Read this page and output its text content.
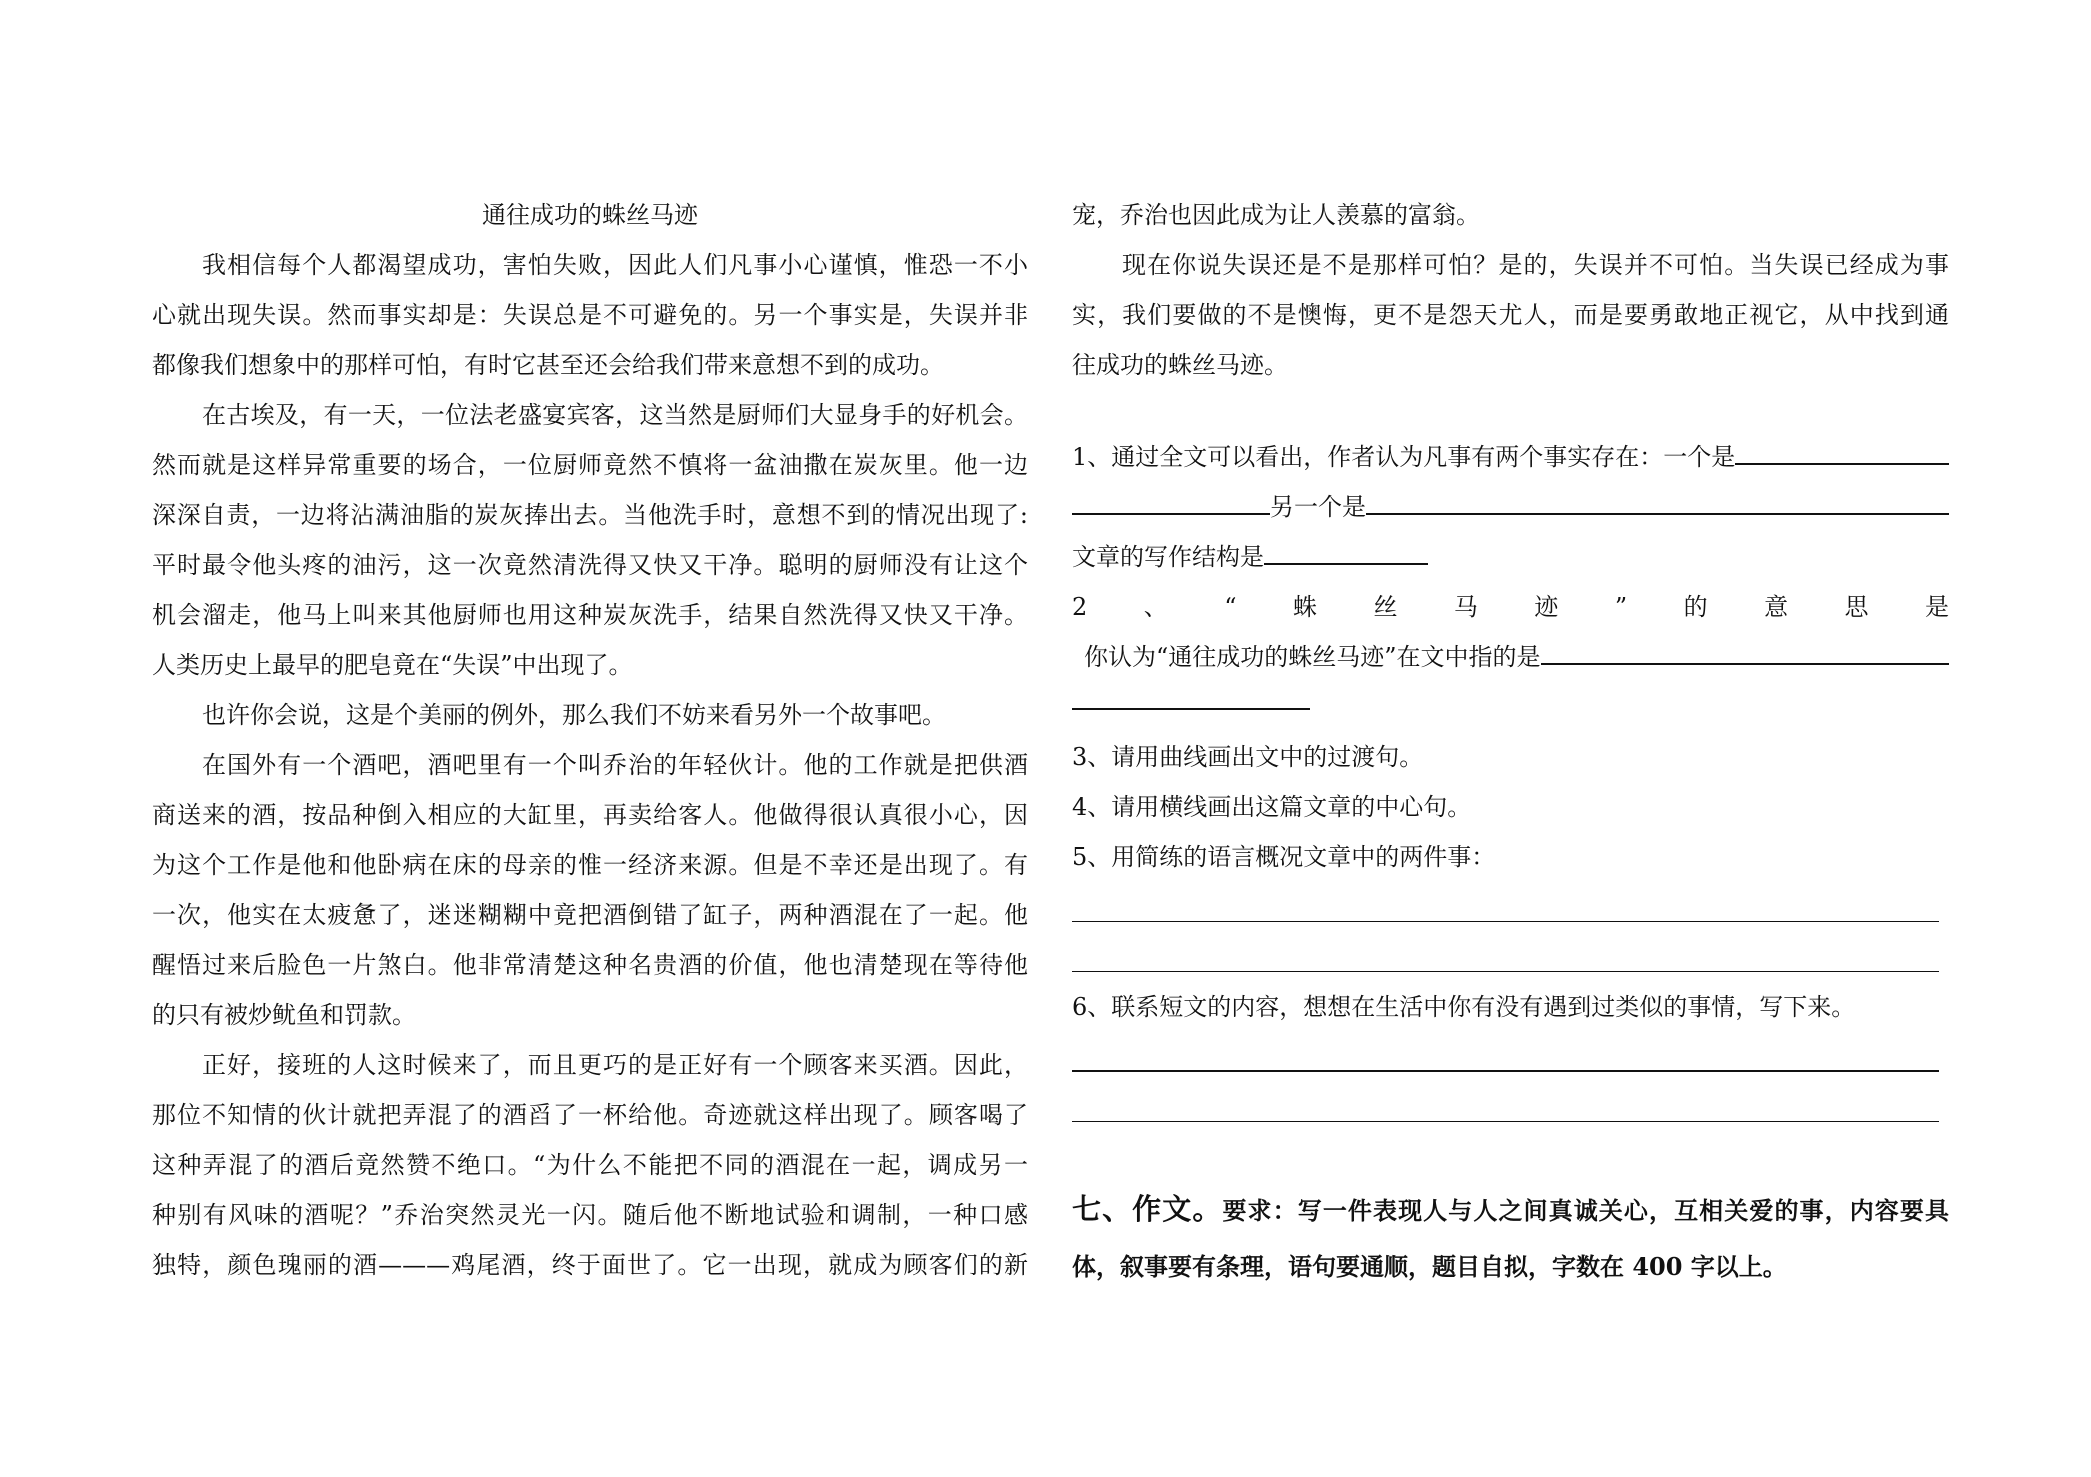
通往成功的蛛丝马迹
我相信每个人都渴望成功，害怕失败，因此人们凡事小心谨慎，惟恐一不小
心就出现失误。然而事实却是：失误总是不可避免的。另一个事实是，失误并非
都像我们想象中的那样可怕，有时它甚至还会给我们带来意想不到的成功。
在古埃及，有一天，一位法老盛宴宾客，这当然是厨师们大显身手的好机会。
然而就是这样异常重要的场合，一位厨师竟然不慎将一盆油撒在炭灰里。他一边
深深自责，一边将沾满油脂的炭灰捧出去。当他洗手时，意想不到的情况出现了:
平时最令他头疼的油污，这一次竟然清洗得又快又干净。聪明的厨师没有让这个
机会溜走，他马上叫来其他厨师也用这种炭灰洗手，结果自然洗得又快又干净。
人类历史上最早的肥皂竟在“失误”中出现了。
也许你会说，这是个美丽的例外，那么我们不妨来看另外一个故事吧。
在国外有一个酒吧，酒吧里有一个叫乔治的年轻伙计。他的工作就是把供酒
商送来的酒，按品种倒入相应的大缸里，再卖给客人。他做得很认真很小心，因
为这个工作是他和他卧病在床的母亲的惟一经济来源。但是不幸还是出现了。有
一次，他实在太疲惫了，迷迷糊糊中竟把酒倒错了缸子，两种酒混在了一起。他
醒悟过来后脸色一片煞白。他非常清楚这种名贵酒的价值，他也清楚现在等待他
的只有被炒鱿鱼和罚款。
正好，接班的人这时候来了，而且更巧的是正好有一个顾客来买酒。因此，
那位不知情的伙计就把弄混了的酒舀了一杯给他。奇迹就这样出现了。顾客喝了
这种弄混了的酒后竟然赞不绝口。“为什么不能把不同的酒混在一起，调成另一
种别有风味的酒呢？”乔治突然灵光一闪。随后他不断地试验和调制，一种口感
独特，颜色瑰丽的酒———鸡尾酒，终于面世了。它一出现，就成为顾客们的新
宠，乔治也因此成为让人羡慕的富翁。
现在你说失误还是不是那样可怕？是的，失误并不可怕。当失误已经成为事
实，我们要做的不是懊悔，更不是怨天尤人，而是要勇敢地正视它，从中找到通
往成功的蛛丝马迹。
1、通过全文可以看出，作者认为凡事有两个事实存在：一个是
另一个是
文章的写作结构是
2 、 “ 蛛 丝 马 迹 ” 的 意 思 是
你认为“通往成功的蛛丝马迹”在文中指的是
3、请用曲线画出文中的过渡句。
4、请用横线画出这篇文章的中心句。
5、用简练的语言概况文章中的两件事：
6、联系短文的内容，想想在生活中你有没有遇到过类似的事情，写下来。
七、作文。要求：写一件表现人与人之间真诚关心，互相关爱的事，内容要具
体，叙事要有条理，语句要通顺，题目自拟，字数在 400 字以上。
